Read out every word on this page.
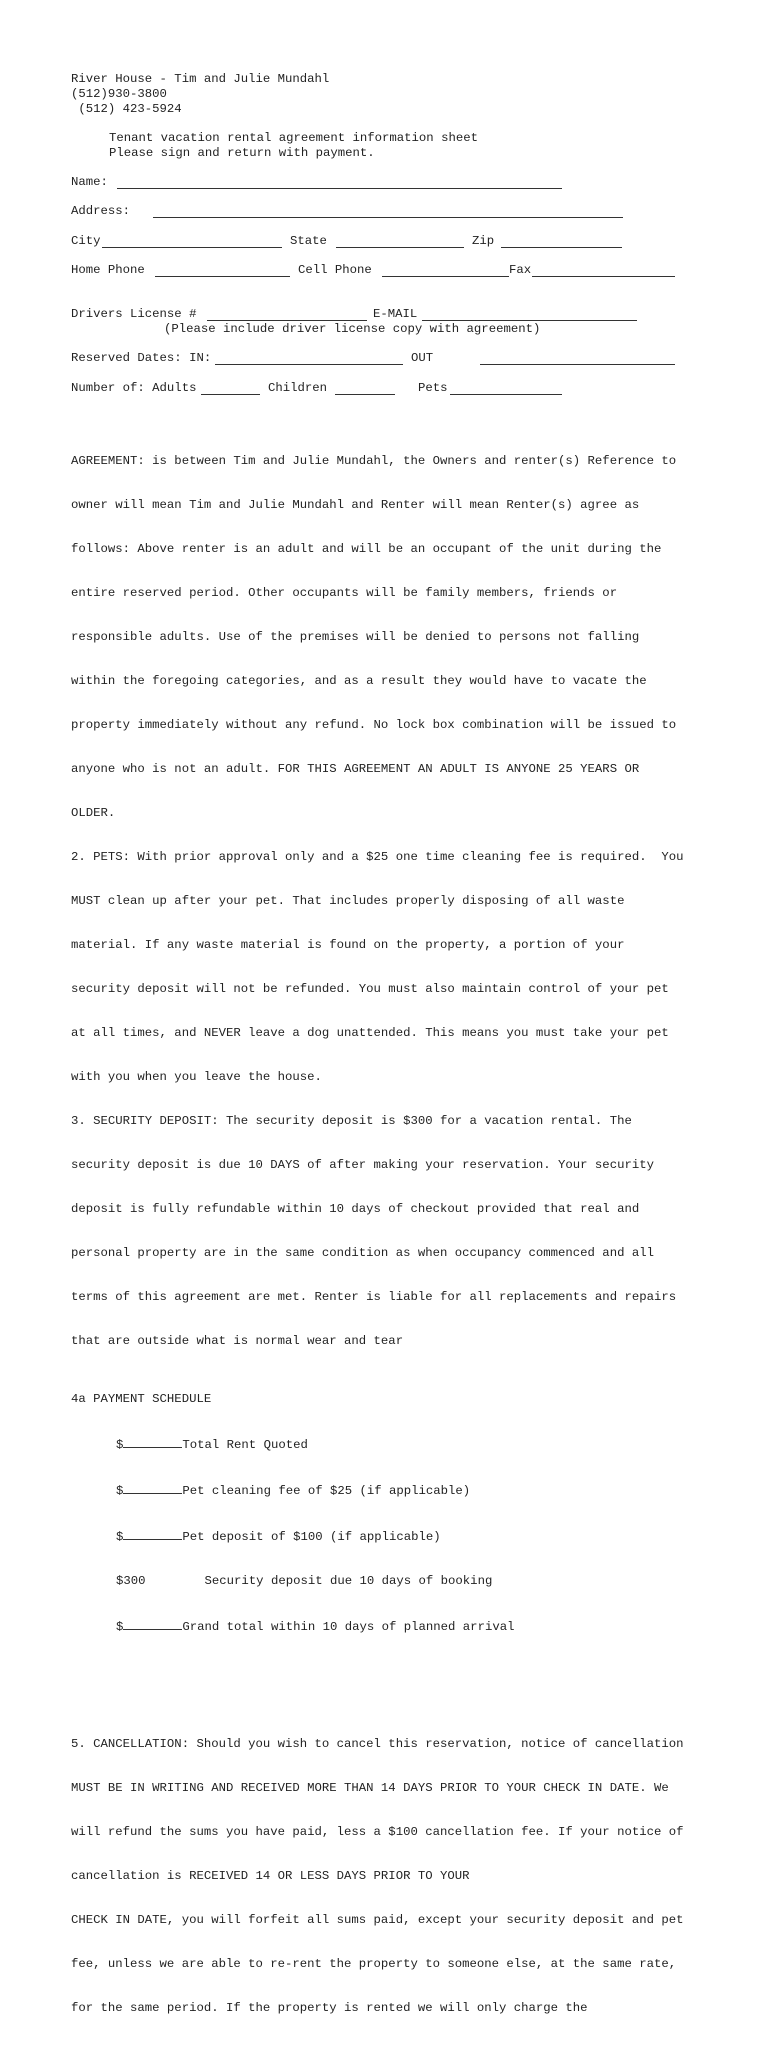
River House - Tim and Julie Mundahl
(512)930-3800
(512) 423-5924
Tenant vacation rental agreement information sheet
Please sign and return with payment.
Name:
Address:
City	State	Zip
Home Phone	Cell Phone	Fax
Drivers License #	E-MAIL
(Please include driver license copy with agreement)
Reserved Dates: IN:	OUT
Number of: Adults	Children	Pets

AGREEMENT: is between Tim and Julie Mundahl, the Owners and renter(s) Reference to

owner will mean Tim and Julie Mundahl and Renter will mean Renter(s) agree as

follows: Above renter is an adult and will be an occupant of the unit during the

entire reserved period. Other occupants will be family members, friends or

responsible adults. Use of the premises will be denied to persons not falling

within the foregoing categories, and as a result they would have to vacate the

property immediately without any refund. No lock box combination will be issued to

anyone who is not an adult. FOR THIS AGREEMENT AN ADULT IS ANYONE 25 YEARS OR

OLDER.

2. PETS: With prior approval only and a $25 one time cleaning fee is required.  You

MUST clean up after your pet. That includes properly disposing of all waste

material. If any waste material is found on the property, a portion of your

security deposit will not be refunded. You must also maintain control of your pet

at all times, and NEVER leave a dog unattended. This means you must take your pet

with you when you leave the house.

3. SECURITY DEPOSIT: The security deposit is $300 for a vacation rental. The

security deposit is due 10 DAYS of after making your reservation. Your security

deposit is fully refundable within 10 days of checkout provided that real and

personal property are in the same condition as when occupancy commenced and all

terms of this agreement are met. Renter is liable for all replacements and repairs

that are outside what is normal wear and tear

4a PAYMENT SCHEDULE

$	Total Rent Quoted

$	Pet cleaning fee of $25 (if applicable)

$	Pet deposit of $100 (if applicable)

$300	Security deposit due 10 days of booking

$	Grand total within 10 days of planned arrival

5. CANCELLATION: Should you wish to cancel this reservation, notice of cancellation

MUST BE IN WRITING AND RECEIVED MORE THAN 14 DAYS PRIOR TO YOUR CHECK IN DATE. We

will refund the sums you have paid, less a $100 cancellation fee. If your notice of

cancellation is RECEIVED 14 OR LESS DAYS PRIOR TO YOUR

CHECK IN DATE, you will forfeit all sums paid, except your security deposit and pet

fee, unless we are able to re-rent the property to someone else, at the same rate,

for the same period. If the property is rented we will only charge the
